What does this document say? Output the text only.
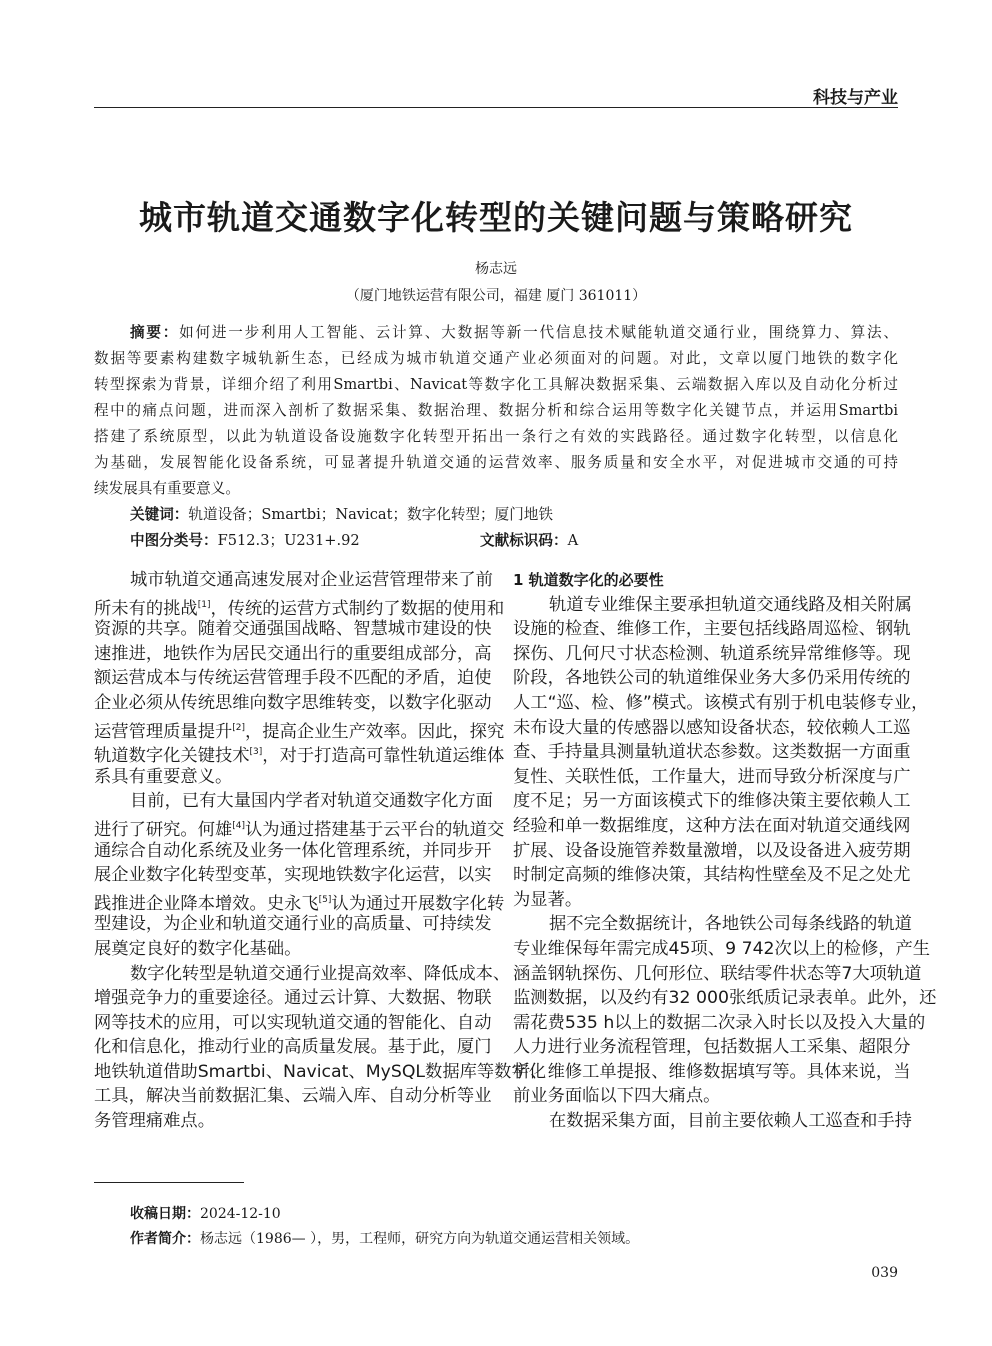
科技与产业
城市轨道交通数字化转型的关键问题与策略研究
杨志远
（厦门地铁运营有限公司，福建 厦门 361011）
摘要：如何进一步利用人工智能、云计算、大数据等新一代信息技术赋能轨道交通行业，围绕算力、算法、
数据等要素构建数字城轨新生态，已经成为城市轨道交通产业必须面对的问题。对此，文章以厦门地铁的数字化
转型探索为背景，详细介绍了利用Smartbi、Navicat等数字化工具解决数据采集、云端数据入库以及自动化分析过
程中的痛点问题，进而深入剖析了数据采集、数据治理、数据分析和综合运用等数字化关键节点，并运用Smartbi
搭建了系统原型，以此为轨道设备设施数字化转型开拓出一条行之有效的实践路径。通过数字化转型，以信息化
为基础，发展智能化设备系统，可显著提升轨道交通的运营效率、服务质量和安全水平，对促进城市交通的可持
续发展具有重要意义。
关键词：轨道设备；Smartbi；Navicat；数字化转型；厦门地铁
中图分类号：F512.3；U231+.92	文献标识码：A
城市轨道交通高速发展对企业运营管理带来了前
所未有的挑战[1]，传统的运营方式制约了数据的使用和
资源的共享。随着交通强国战略、智慧城市建设的快
速推进，地铁作为居民交通出行的重要组成部分，高
额运营成本与传统运营管理手段不匹配的矛盾，迫使
企业必须从传统思维向数字思维转变，以数字化驱动
运营管理质量提升[2]，提高企业生产效率。因此，探究
轨道数字化关键技术[3]，对于打造高可靠性轨道运维体
系具有重要意义。
目前，已有大量国内学者对轨道交通数字化方面
进行了研究。何雄[4]认为通过搭建基于云平台的轨道交
通综合自动化系统及业务一体化管理系统，并同步开
展企业数字化转型变革，实现地铁数字化运营，以实
践推进企业降本增效。史永飞[5]认为通过开展数字化转
型建设，为企业和轨道交通行业的高质量、可持续发
展奠定良好的数字化基础。
数字化转型是轨道交通行业提高效率、降低成本、
增强竞争力的重要途径。通过云计算、大数据、物联
网等技术的应用，可以实现轨道交通的智能化、自动
化和信息化，推动行业的高质量发展。基于此，厦门
地铁轨道借助Smartbi、Navicat、MySQL数据库等数字化
工具，解决当前数据汇集、云端入库、自动分析等业
务管理痛难点。
1 轨道数字化的必要性
轨道专业维保主要承担轨道交通线路及相关附属
设施的检查、维修工作，主要包括线路周巡检、钢轨
探伤、几何尺寸状态检测、轨道系统异常维修等。现
阶段，各地铁公司的轨道维保业务大多仍采用传统的
人工“巡、检、修”模式。该模式有别于机电装修专业，
未布设大量的传感器以感知设备状态，较依赖人工巡
查、手持量具测量轨道状态参数。这类数据一方面重
复性、关联性低，工作量大，进而导致分析深度与广
度不足；另一方面该模式下的维修决策主要依赖人工
经验和单一数据维度，这种方法在面对轨道交通线网
扩展、设备设施管养数量激增，以及设备进入疲劳期
时制定高频的维修决策，其结构性壁垒及不足之处尤
为显著。
据不完全数据统计，各地铁公司每条线路的轨道
专业维保每年需完成45项、9 742次以上的检修，产生
涵盖钢轨探伤、几何形位、联结零件状态等7大项轨道
监测数据，以及约有32 000张纸质记录表单。此外，还
需花费535 h以上的数据二次录入时长以及投入大量的
人力进行业务流程管理，包括数据人工采集、超限分
析、维修工单提报、维修数据填写等。具体来说，当
前业务面临以下四大痛点。
在数据采集方面，目前主要依赖人工巡查和手持
收稿日期：2024-12-10
作者简介：杨志远（1986— ），男，工程师，研究方向为轨道交通运营相关领域。
039
